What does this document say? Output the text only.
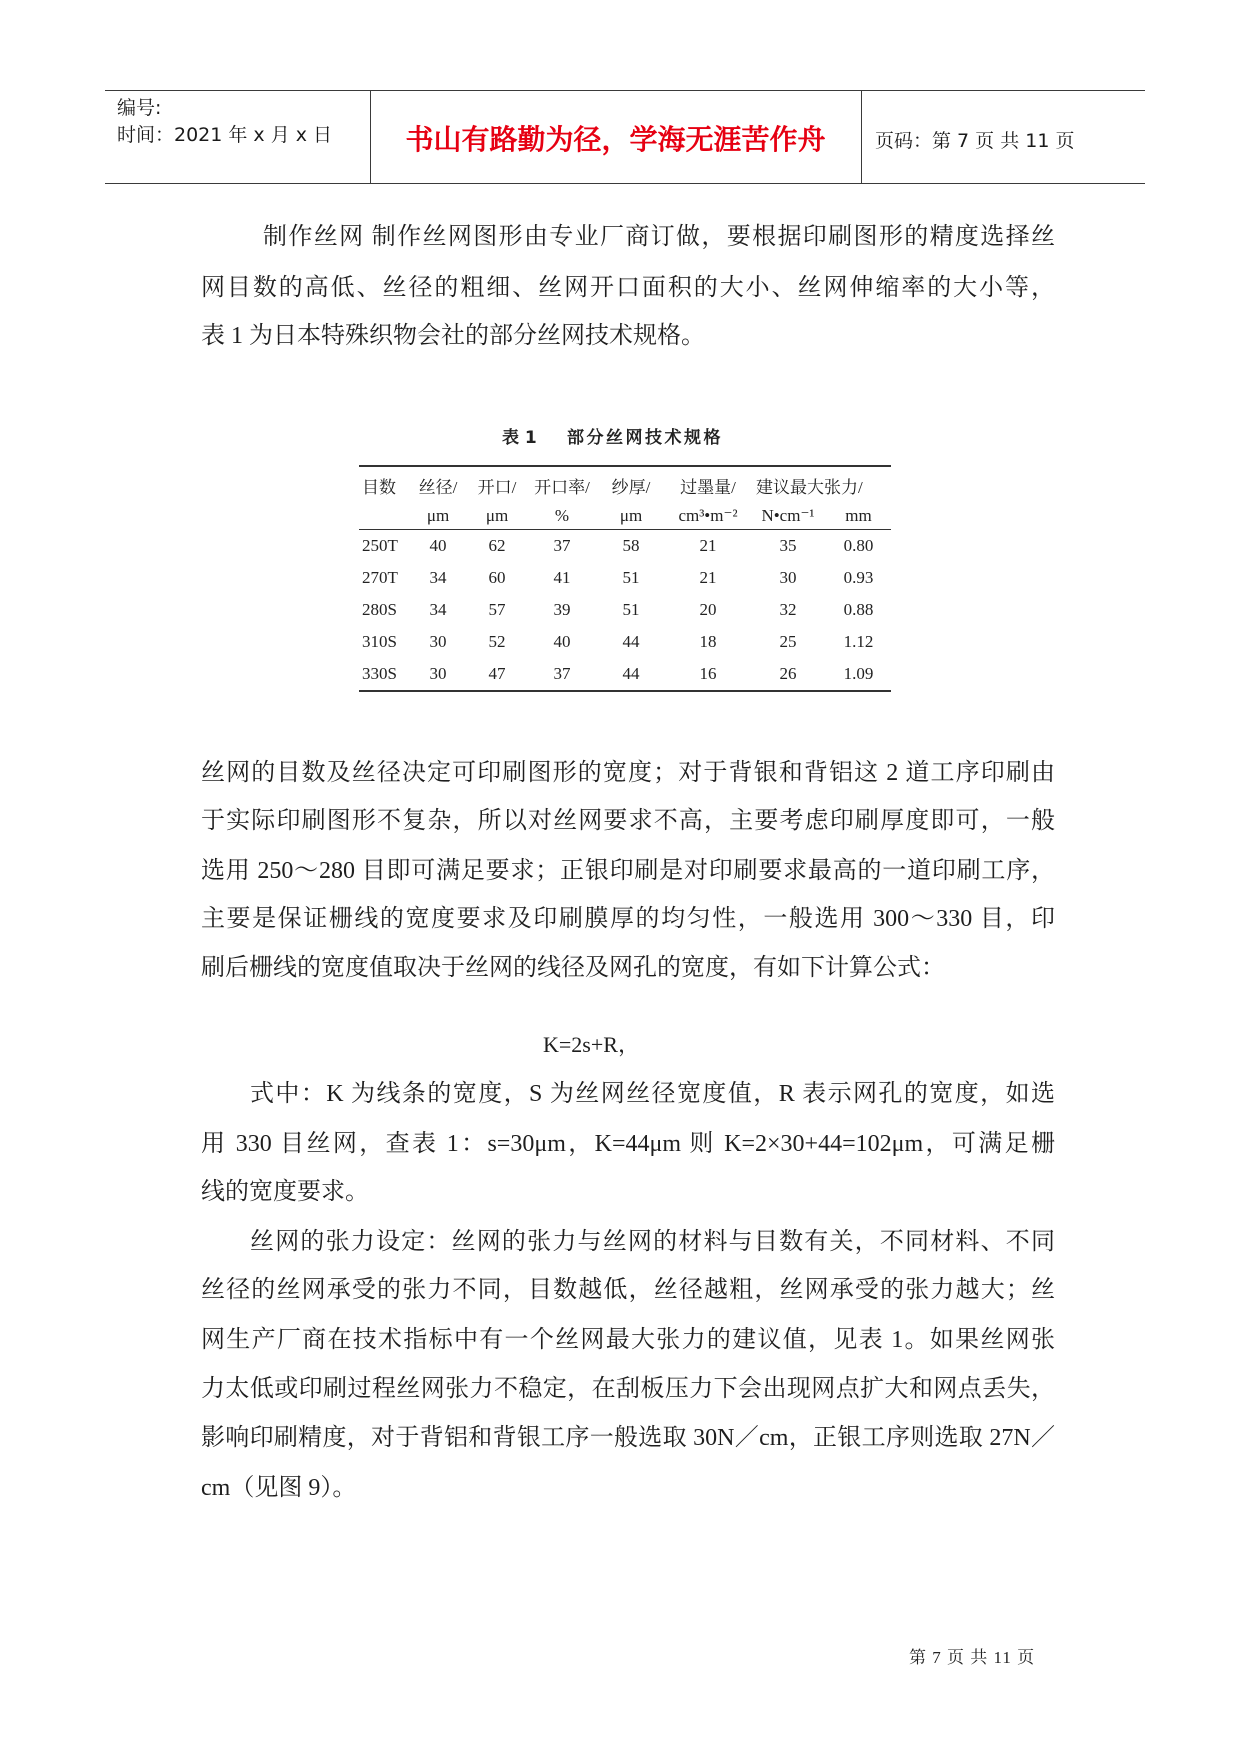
编号:
时间：2021 年 x 月 x 日	书山有路勤为径，学海无涯苦作舟	页码：第 7 页 共 11 页
制作丝网 制作丝网图形由专业厂商订做，要根据印刷图形的精度选择丝
网目数的高低、丝径的粗细、丝网开口面积的大小、丝网伸缩率的大小等，
表 1 为日本特殊织物会社的部分丝网技术规格。
表 1 部分丝网技术规格
目数	丝径/	开口/	开口率/	纱厚/	过墨量/	建议最大张力/	
	μm	μm	%	μm	cm³•m⁻²	N•cm⁻¹	mm
250T	40	62	37	58	21	35	0.80
270T	34	60	41	51	21	30	0.93
280S	34	57	39	51	20	32	0.88
310S	30	52	40	44	18	25	1.12
330S	30	47	37	44	16	26	1.09
丝网的目数及丝径决定可印刷图形的宽度；对于背银和背铝这 2 道工序印刷由
于实际印刷图形不复杂，所以对丝网要求不高，主要考虑印刷厚度即可，一般
选用 250～280 目即可满足要求；正银印刷是对印刷要求最高的一道印刷工序，
主要是保证栅线的宽度要求及印刷膜厚的均匀性，一般选用 300～330 目，印
刷后栅线的宽度值取决于丝网的线径及网孔的宽度，有如下计算公式：
K=2s+R，
式中：K 为线条的宽度，S 为丝网丝径宽度值，R 表示网孔的宽度，如选
用 330 目丝网，查表 1：s=30μm，K=44μm 则 K=2×30+44=102μm，可满足栅
线的宽度要求。
丝网的张力设定：丝网的张力与丝网的材料与目数有关，不同材料、不同
丝径的丝网承受的张力不同，目数越低，丝径越粗，丝网承受的张力越大；丝
网生产厂商在技术指标中有一个丝网最大张力的建议值，见表 1。如果丝网张
力太低或印刷过程丝网张力不稳定，在刮板压力下会出现网点扩大和网点丢失，
影响印刷精度，对于背铝和背银工序一般选取 30N／cm，正银工序则选取 27N／
cm（见图 9）。
第 7 页 共 11 页
